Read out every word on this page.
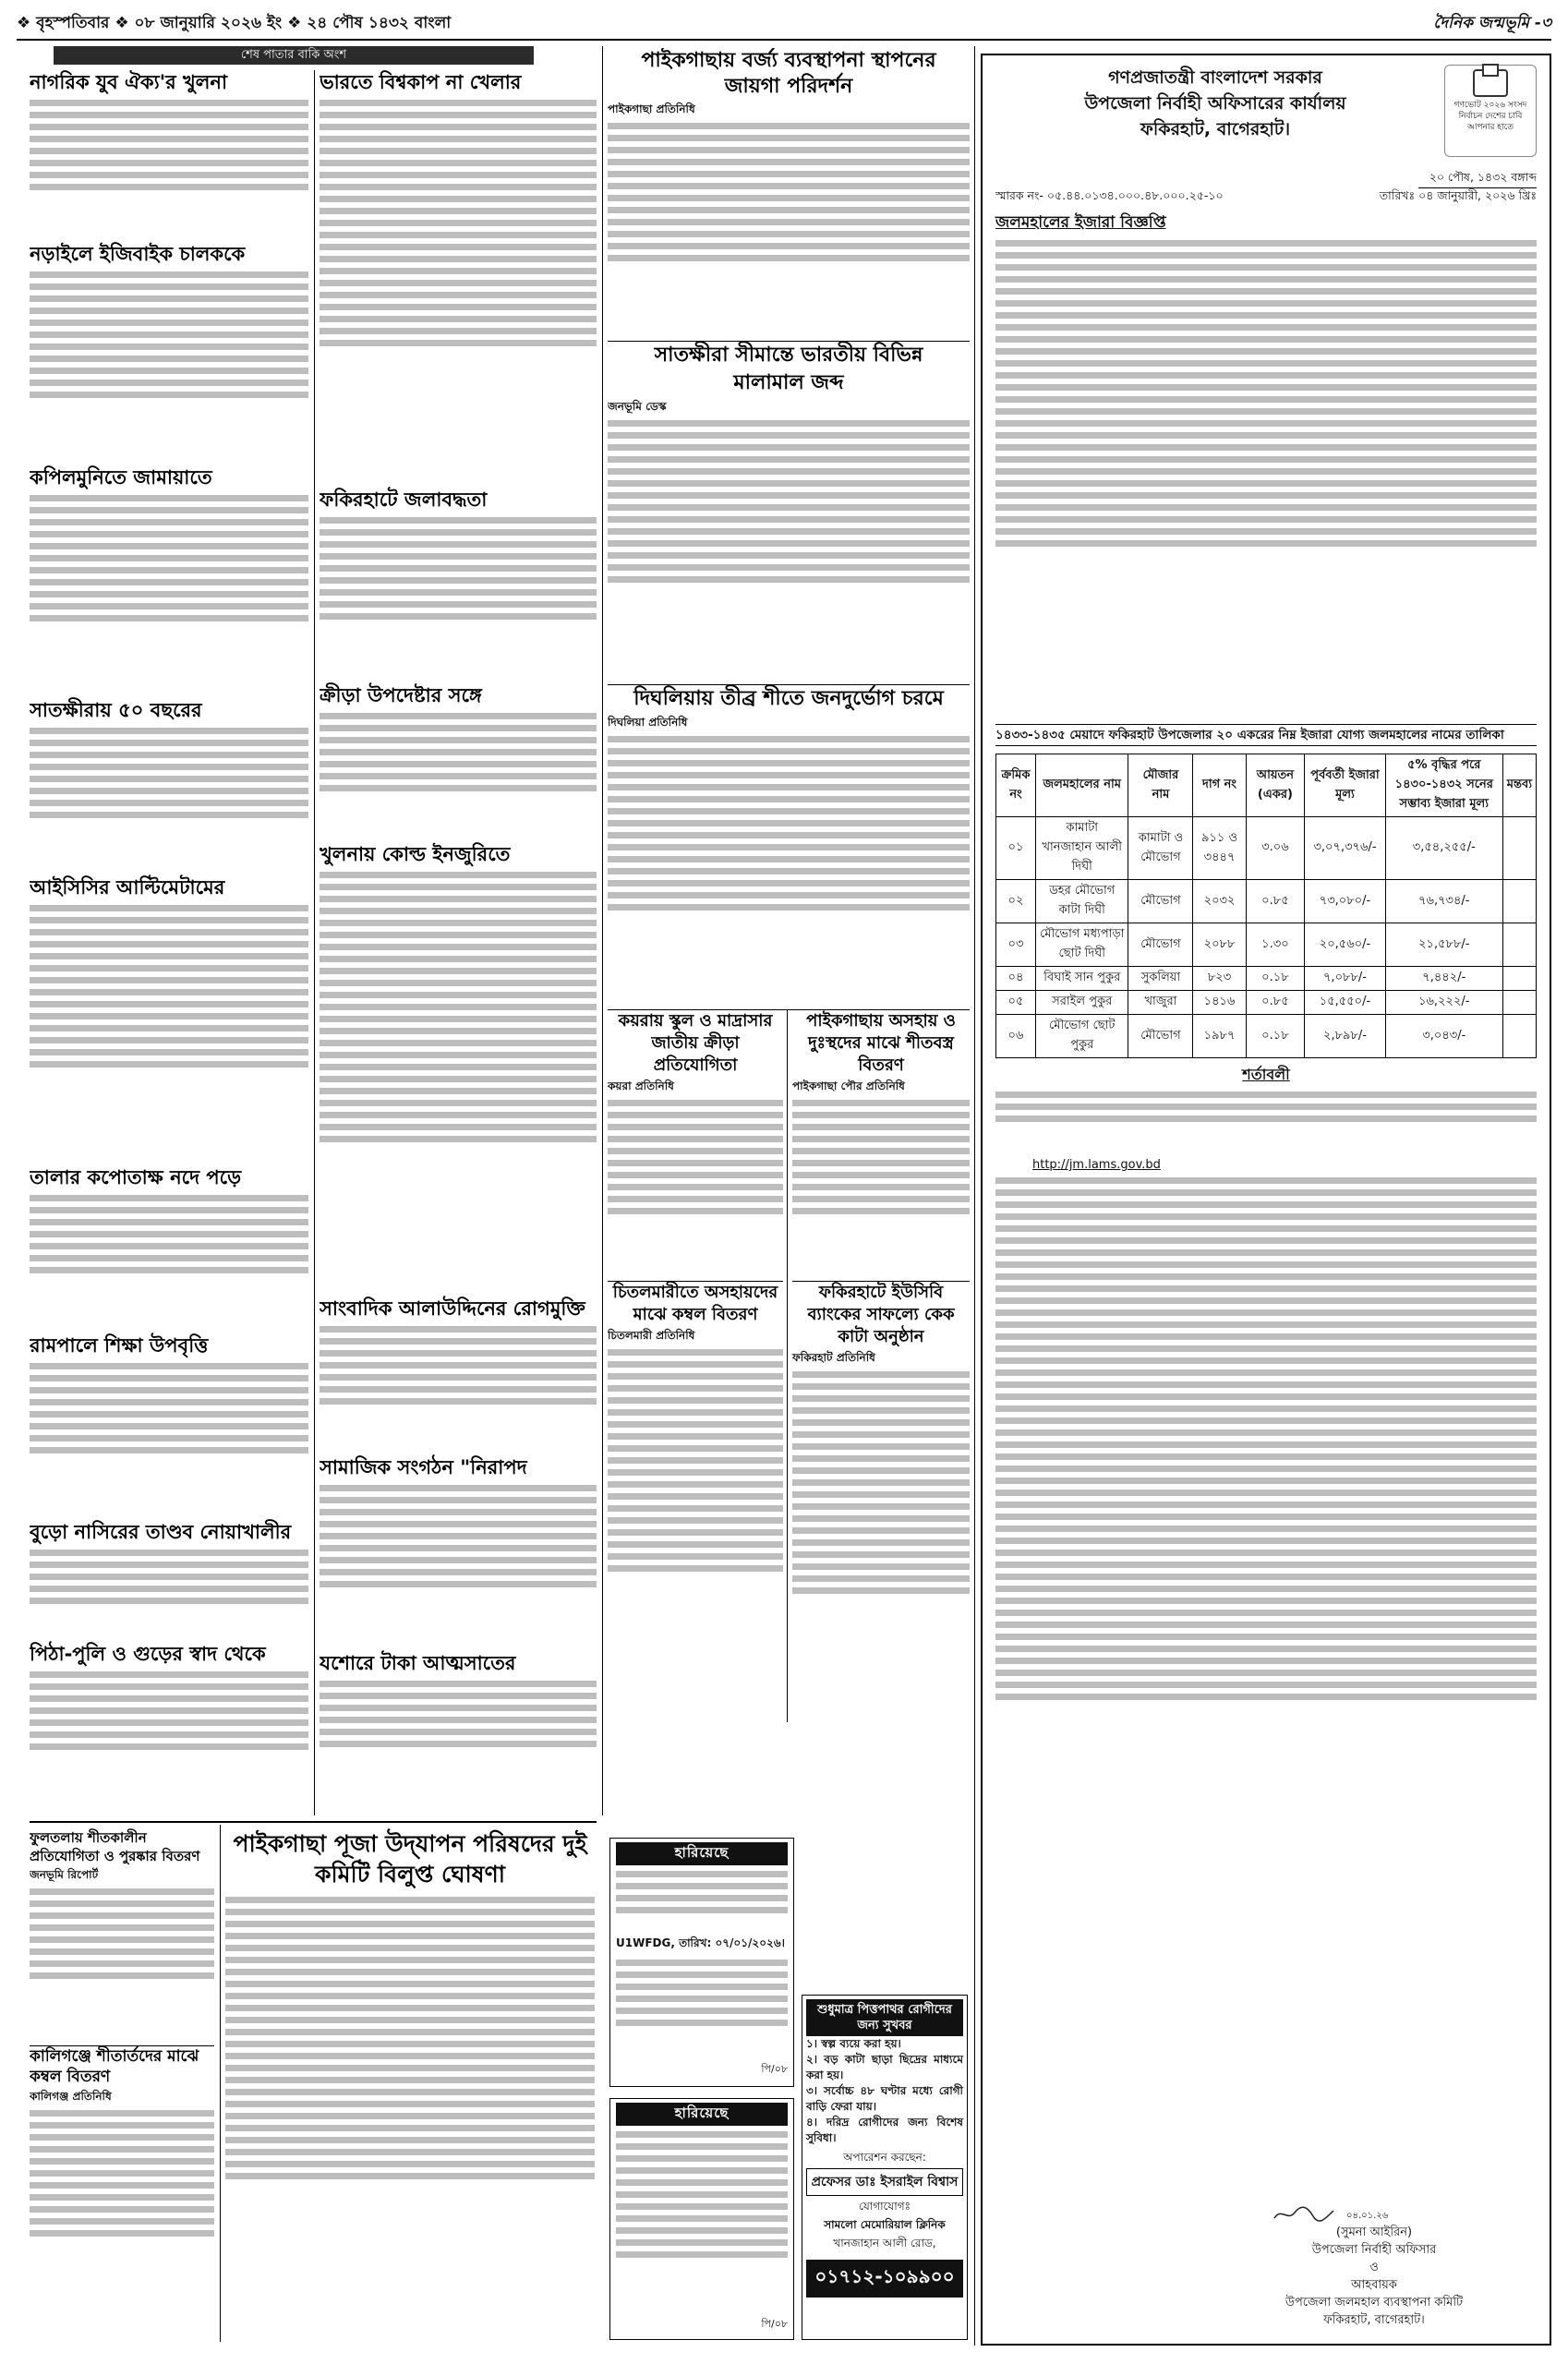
❖ বৃহস্পতিবার ❖ ০৮ জানুয়ারি ২০২৬ ইং ❖ ২৪ পৌষ ১৪৩২ বাংলা	দৈনিক জন্মভূমি -৩
শেষ পাতার বাকি অংশ
নাগরিক যুব ঐক্য'র খুলনা
নড়াইলে ইজিবাইক চালককে
কপিলমুনিতে জামায়াতে
সাতক্ষীরায় ৫০ বছরের
আইসিসির আল্টিমেটামের
তালার কপোতাক্ষ নদে পড়ে
রামপালে শিক্ষা উপবৃত্তি
বুড়ো নাসিরের তাণ্ডব নোয়াখালীর
পিঠা-পুলি ও গুড়ের স্বাদ থেকে
ভারতে বিশ্বকাপ না খেলার
ফকিরহাটে জলাবদ্ধতা
ক্রীড়া উপদেষ্টার সঙ্গে
খুলনায় কোল্ড ইনজুরিতে
সাংবাদিক আলাউদ্দিনের রোগমুক্তি
সামাজিক সংগঠন "নিরাপদ
যশোরে টাকা আত্মসাতের
পাইকগাছায় বর্জ্য ব্যবস্থাপনা স্থাপনের জায়গা পরিদর্শন
পাইকগাছা প্রতিনিধি
সাতক্ষীরা সীমান্তে ভারতীয় বিভিন্ন মালামাল জব্দ
জনভূমি ডেস্ক
দিঘলিয়ায় তীব্র শীতে জনদুর্ভোগ চরমে
দিঘলিয়া প্রতিনিধি
কয়রায় স্কুল ও মাদ্রাসার জাতীয় ক্রীড়া প্রতিযোগিতা
কয়রা প্রতিনিধি
চিতলমারীতে অসহায়দের মাঝে কম্বল বিতরণ
চিতলমারী প্রতিনিধি
পাইকগাছায় অসহায় ও দুঃস্থদের মাঝে শীতবস্ত্র বিতরণ
পাইকগাছা পৌর প্রতিনিধি
ফকিরহাটে ইউসিবি ব্যাংকের সাফল্যে কেক কাটা অনুষ্ঠান
ফকিরহাট প্রতিনিধি
ফুলতলায় শীতকালীন প্রতিযোগিতা ও পুরষ্কার বিতরণ
জনভূমি রিপোর্ট
কালিগঞ্জে শীতার্তদের মাঝে কম্বল বিতরণ
কালিগঞ্জ প্রতিনিধি
পাইকগাছা পূজা উদ্‌যাপন পরিষদের দুই কমিটি বিলুপ্ত ঘোষণা
হারিয়েছে
U1WFDG, তারিখ: ০৭/০১/২০২৬।
পি/০৮
হারিয়েছে
পি/০৮
শুধুমাত্র পিত্তপাথর রোগীদের জন্য সুখবর
১। স্বল্প ব্যয়ে করা হয়।
২। বড় কাটা ছাড়া ছিদ্রের মাধ্যমে করা হয়।
৩। সর্বোচ্চ ৪৮ ঘণ্টার মধ্যে রোগী বাড়ি ফেরা যায়।
৪। দরিদ্র রোগীদের জন্য বিশেষ সুবিধা।
অপারেশন করছেন:
প্রফেসর ডাঃ ইসরাইল বিশ্বাস
যোগাযোগঃ
সামলো মেমোরিয়াল ক্লিনিক
খানজাহান আলী রোড,
০১৭১২-১০৯৯০০
গণপ্রজাতন্ত্রী বাংলাদেশ সরকার
উপজেলা নির্বাহী অফিসারের কার্যালয়
ফকিরহাট, বাগেরহাট।
গণভোট ২০২৬ সংসদ নির্বাচন দেশের চাবি আপনার হাতে
স্মারক নং- ০৫.৪৪.০১৩৪.০০০.৪৮.০০০.২৫-১০
২০ পৌষ, ১৪৩২ বঙ্গাব্দ
তারিখঃ ০৪ জানুয়ারী, ২০২৬ খ্রিঃ
জলমহালের ইজারা বিজ্ঞপ্তি
১৪৩৩-১৪৩৫ মেয়াদে ফকিরহাট উপজেলার ২০ একরের নিম্ন ইজারা যোগ্য জলমহালের নামের তালিকা
ক্রমিক নং	জলমহালের নাম	মৌজার নাম	দাগ নং	আয়তন (একর)	পূর্ববর্তী ইজারা মূল্য	৫% বৃদ্ধির পরে ১৪৩০-১৪৩২ সনের সম্ভাব্য ইজারা মূল্য	মন্তব্য
০১	কামাটা খানজাহান আলী দিঘী	কামাটা ও মৌভোগ	৯১১ ও ৩৪৪৭	৩.০৬	৩,০৭,৩৭৬/-	৩,৫৪,২৫৫/-	
০২	ডহর মৌভোগ কাটা দিঘী	মৌভোগ	২০৩২	০.৮৫	৭৩,০৮০/-	৭৬,৭৩৪/-	
০৩	মৌভোগ মধ্যপাড়া ছোট দিঘী	মৌভোগ	২০৮৮	১.৩০	২০,৫৬০/-	২১,৫৮৮/-	
০৪	বিঘাই সান পুকুর	সুকলিয়া	৮২৩	০.১৮	৭,০৮৮/-	৭,৪৪২/-	
০৫	সরাইল পুকুর	খাজুরা	১৪১৬	০.৮৫	১৫,৫৫০/-	১৬,২২২/-	
০৬	মৌভোগ ছোট পুকুর	মৌভোগ	১৯৮৭	০.১৮	২,৮৯৮/-	৩,০৪৩/-	
শর্তাবলী
http://jm.lams.gov.bd
০৪.০১.২৬
(সুমনা আইরিন)
উপজেলা নির্বাহী অফিসার
ও
আহবায়ক
উপজেলা জলমহাল ব্যবস্থাপনা কমিটি
ফকিরহাট, বাগেরহাট।
